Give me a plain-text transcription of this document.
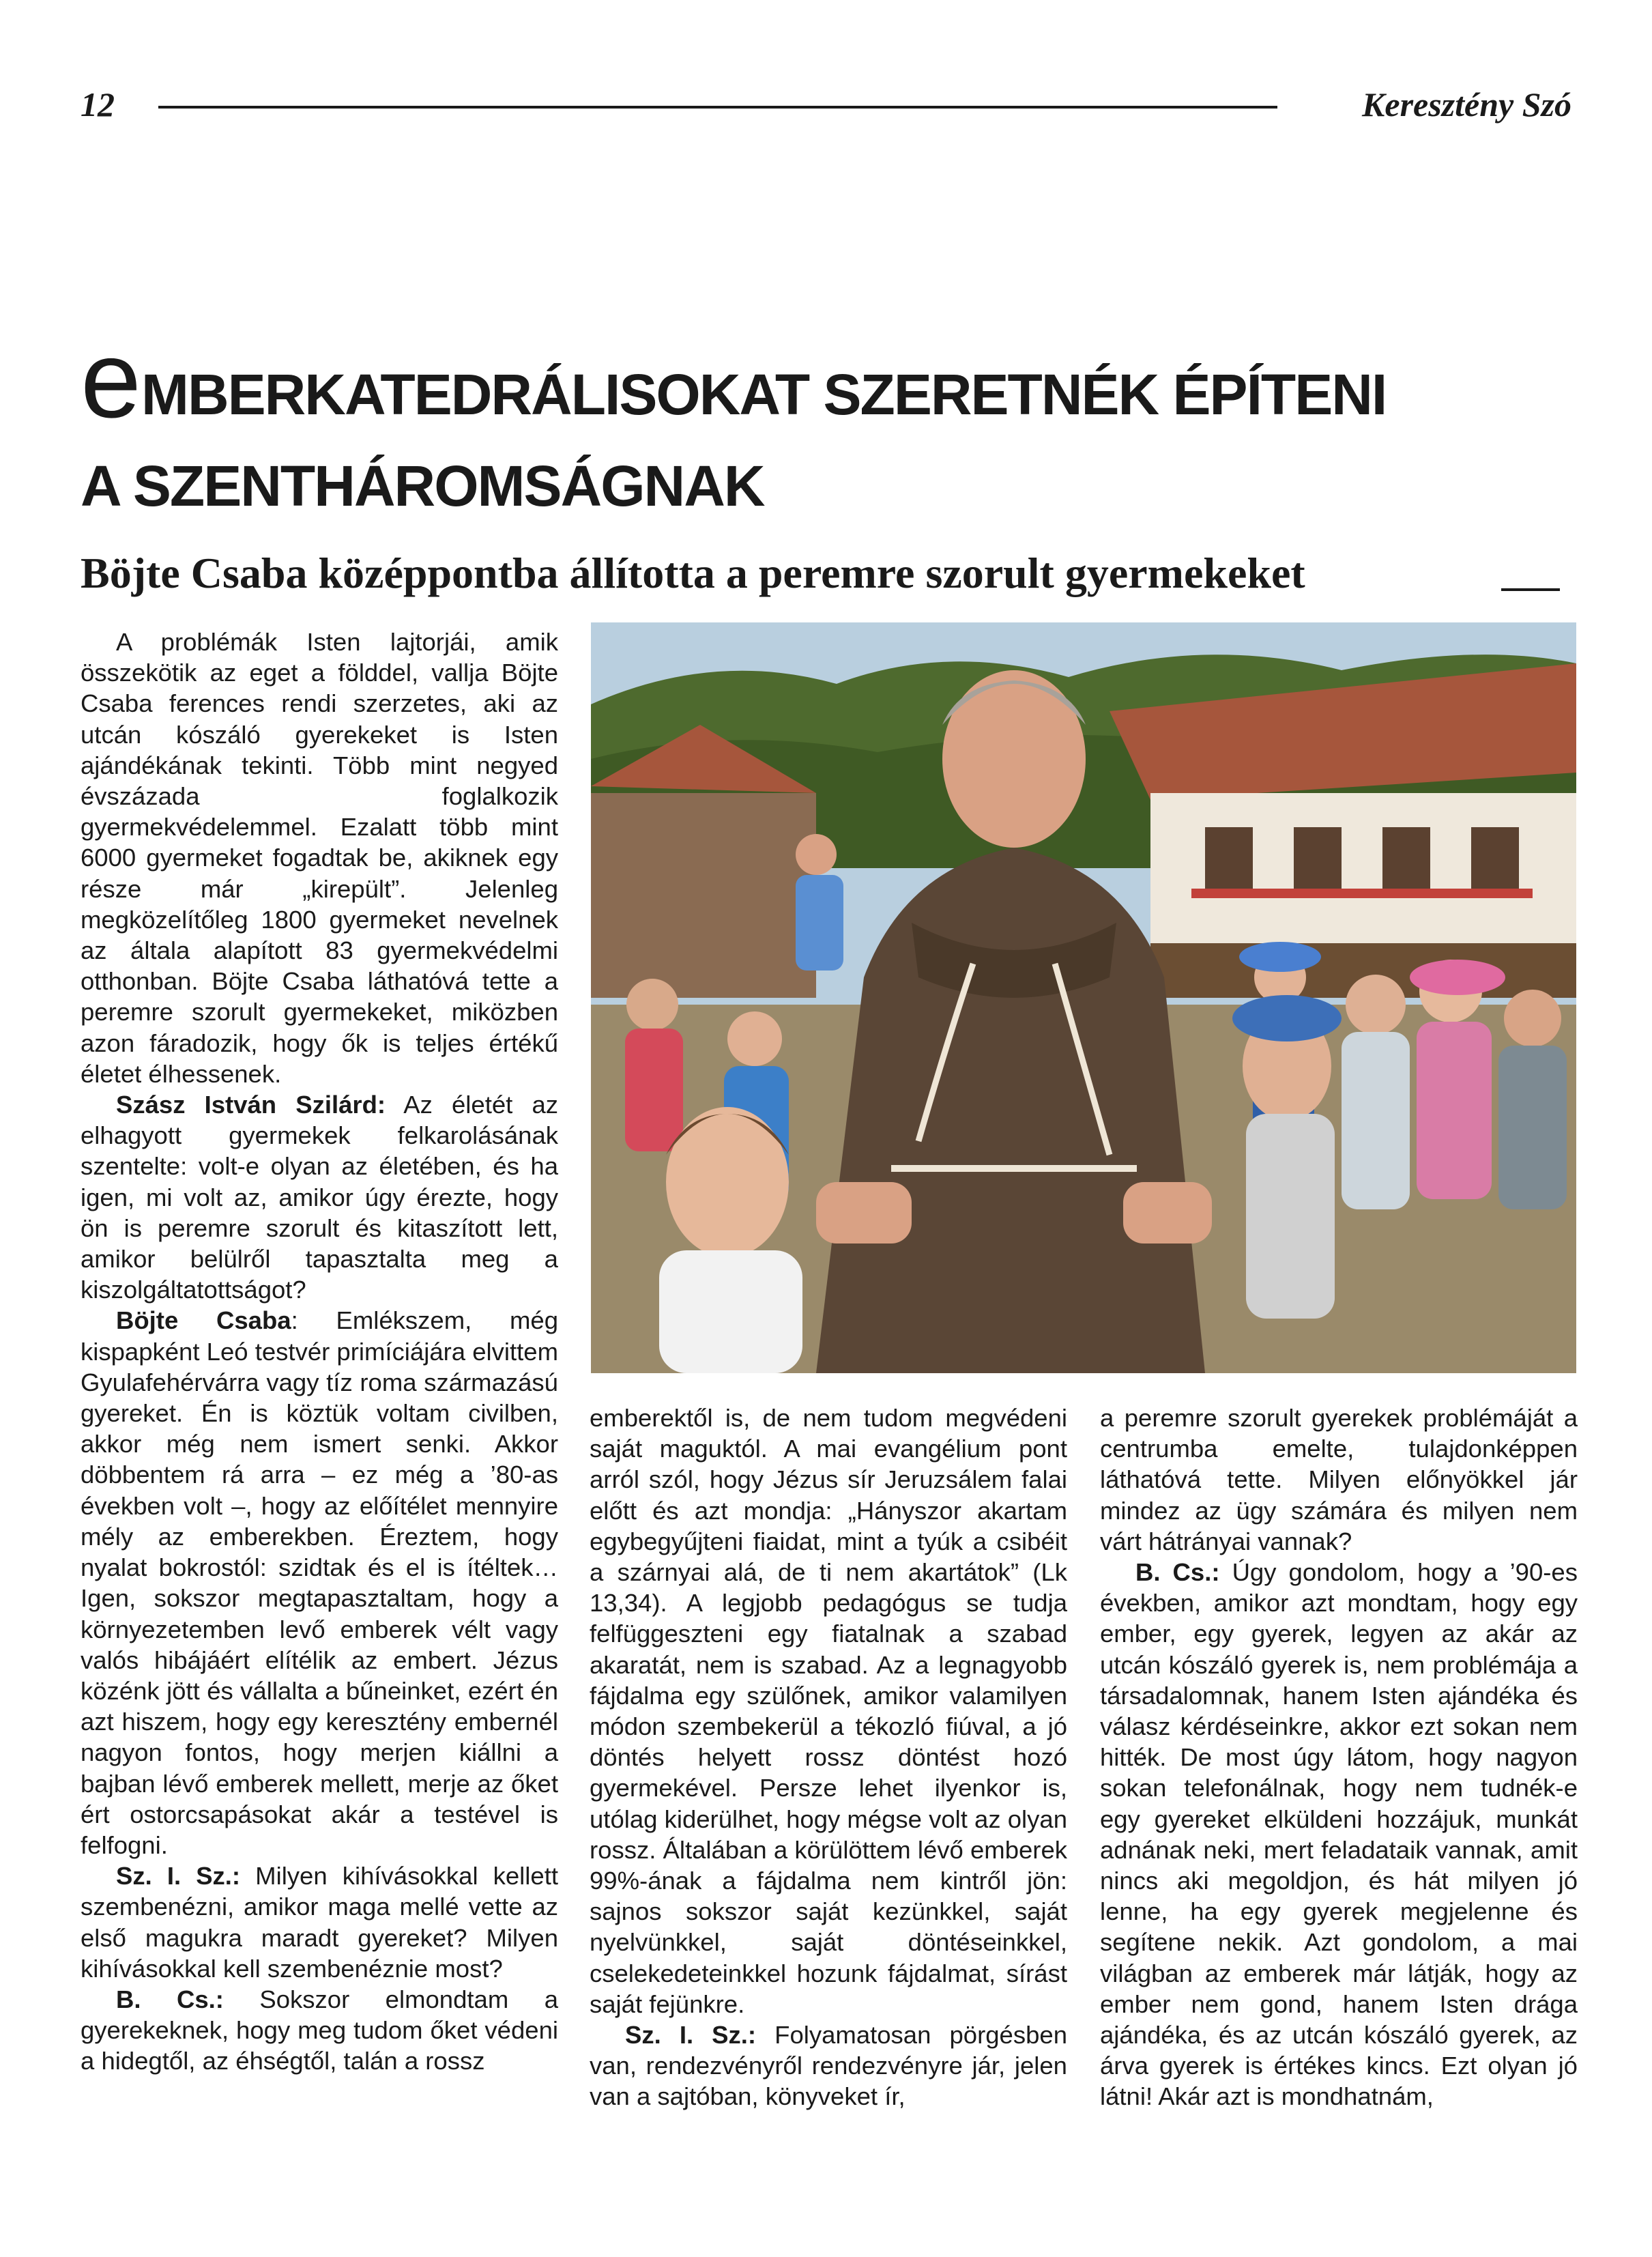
12	Keresztény Szó
e MBERKATEDRÁLISOKAT SZERETNÉK ÉPÍTENI
A SZENTHÁROMSÁGNAK
Böjte Csaba középpontba állította a peremre szorult gyermekeket

A problémák Isten lajtorjái, amik összekötik az eget a földdel, vallja Böjte Csaba ferences rendi szerzetes, aki az utcán kószáló gyerekeket is Isten ajándékának tekinti. Több mint negyed évszázada foglalkozik gyermekvédelemmel. Ezalatt több mint 6000 gyermeket fogadtak be, akiknek egy része már „kirepült”. Jelenleg megközelítőleg 1800 gyermeket nevelnek az általa alapított 83 gyermekvédelmi otthonban. Böjte Csaba láthatóvá tette a peremre szorult gyermekeket, miközben azon fáradozik, hogy ők is teljes értékű életet élhessenek.

Szász István Szilárd: Az életét az elhagyott gyermekek felkarolásának szentelte: volt-e olyan az életében, és ha igen, mi volt az, amikor úgy érezte, hogy ön is peremre szorult és kitaszított lett, amikor belülről tapasztalta meg a kiszolgáltatottságot?

Böjte Csaba: Emlékszem, még kispapként Leó testvér primíciájára elvittem Gyulafehérvárra vagy tíz roma származású gyereket. Én is köztük voltam civilben, akkor még nem ismert senki. Akkor döbbentem rá arra – ez még a ’80-as években volt –, hogy az előítélet mennyire mély az emberekben. Éreztem, hogy nyalat bokrostól: szidtak és el is ítéltek… Igen, sokszor megtapasztaltam, hogy a környezetemben levő emberek vélt vagy valós hibájáért elítélik az embert. Jézus közénk jött és vállalta a bűneinket, ezért én azt hiszem, hogy egy keresztény embernél nagyon fontos, hogy merjen kiállni a bajban lévő emberek mellett, merje az őket ért ostorcsapásokat akár a testével is felfogni.

Sz. I. Sz.: Milyen kihívásokkal kellett szembenézni, amikor maga mellé vette az első magukra maradt gyereket? Milyen kihívásokkal kell szembenéznie most?

B. Cs.: Sokszor elmondtam a gyerekeknek, hogy meg tudom őket védeni a hidegtől, az éhségtől, talán a rossz

emberektől is, de nem tudom megvédeni saját maguktól. A mai evangélium pont arról szól, hogy Jézus sír Jeruzsálem falai előtt és azt mondja: „Hányszor akartam egybegyűjteni fiaidat, mint a tyúk a csibéit a szárnyai alá, de ti nem akartátok” (Lk 13,34). A legjobb pedagógus se tudja felfüggeszteni egy fiatalnak a szabad akaratát, nem is szabad. Az a legnagyobb fájdalma egy szülőnek, amikor valamilyen módon szembekerül a tékozló fiúval, a jó döntés helyett rossz döntést hozó gyermekével. Persze lehet ilyenkor is, utólag kiderülhet, hogy mégse volt az olyan rossz. Általában a körülöttem lévő emberek 99%-ának a fájdalma nem kintről jön: sajnos sokszor saját kezünkkel, saját nyelvünkkel, saját döntéseinkkel, cselekedeteinkkel hozunk fájdalmat, sírást saját fejünkre.

Sz. I. Sz.: Folyamatosan pörgésben van, rendezvényről rendezvényre jár, jelen van a sajtóban, könyveket ír,

a peremre szorult gyerekek problémáját a centrumba emelte, tulajdonképpen láthatóvá tette. Milyen előnyökkel jár mindez az ügy számára és milyen nem várt hátrányai vannak?

B. Cs.: Úgy gondolom, hogy a ’90-es években, amikor azt mondtam, hogy egy ember, egy gyerek, legyen az akár az utcán kószáló gyerek is, nem problémája a társadalomnak, hanem Isten ajándéka és válasz kérdéseinkre, akkor ezt sokan nem hitték. De most úgy látom, hogy nagyon sokan telefonálnak, hogy nem tudnék-e egy gyereket elküldeni hozzájuk, munkát adnának neki, mert feladataik vannak, amit nincs aki megoldjon, és hát milyen jó lenne, ha egy gyerek megjelenne és segítene nekik. Azt gondolom, a mai világban az emberek már látják, hogy az ember nem gond, hanem Isten drága ajándéka, és az utcán kószáló gyerek, az árva gyerek is értékes kincs. Ezt olyan jó látni! Akár azt is mondhatnám,
